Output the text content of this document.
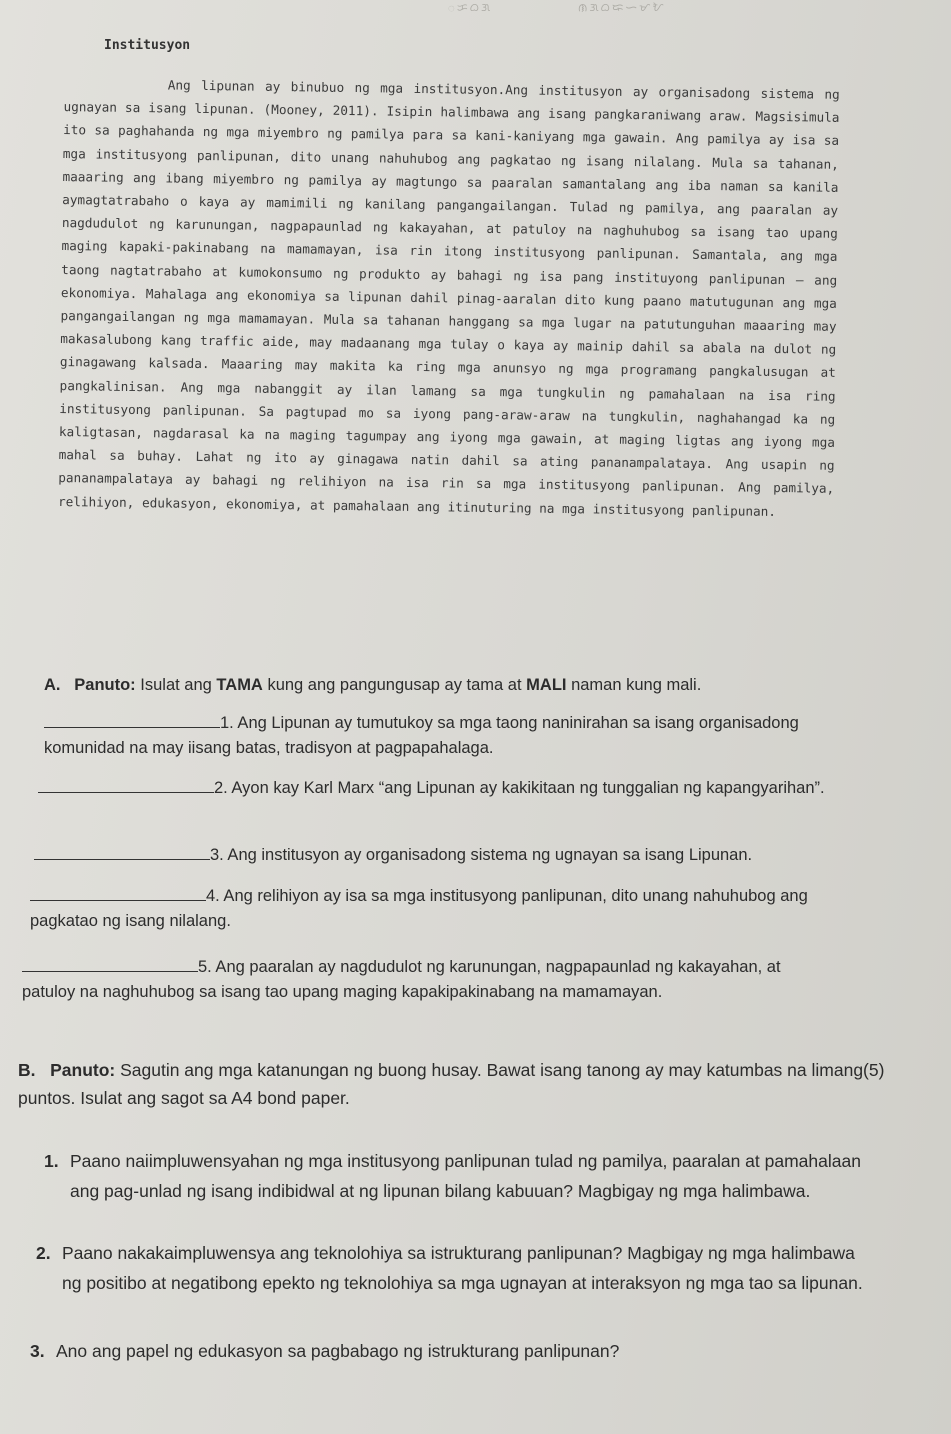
ᜀᜃᜊᜄ	ᜈᜄᜊᜍᜑᜋᜀ
Institusyon

Ang lipunan ay binubuo ng mga institusyon.Ang institusyon ay organisadong sistema ng ugnayan sa isang lipunan. (Mooney, 2011). Isipin halimbawa ang isang pangkaraniwang araw. Magsisimula ito sa paghahanda ng mga miyembro ng pamilya para sa kani-kaniyang mga gawain. Ang pamilya ay isa sa mga institusyong panlipunan, dito unang nahuhubog ang pagkatao ng isang nilalang. Mula sa tahanan, maaaring ang ibang miyembro ng pamilya ay magtungo sa paaralan samantalang ang iba naman sa kanila aymagtatrabaho o kaya ay mamimili ng kanilang pangangailangan. Tulad ng pamilya, ang paaralan ay nagdudulot ng karunungan, nagpapaunlad ng kakayahan, at patuloy na naghuhubog sa isang tao upang maging kapaki-pakinabang na mamamayan, isa rin itong institusyong panlipunan. Samantala, ang mga taong nagtatrabaho at kumokonsumo ng produkto ay bahagi ng isa pang instituyong panlipunan – ang ekonomiya. Mahalaga ang ekonomiya sa lipunan dahil pinag-aaralan dito kung paano matutugunan ang mga pangangailangan ng mga mamamayan. Mula sa tahanan hanggang sa mga lugar na patutunguhan maaaring may makasalubong kang traffic aide, may madaanang mga tulay o kaya ay mainip dahil sa abala na dulot ng ginagawang kalsada. Maaaring may makita ka ring mga anunsyo ng mga programang pangkalusugan at pangkalinisan. Ang mga nabanggit ay ilan lamang sa mga tungkulin ng pamahalaan na isa ring institusyong panlipunan. Sa pagtupad mo sa iyong pang-araw-araw na tungkulin, naghahangad ka ng kaligtasan, nagdarasal ka na maging tagumpay ang iyong mga gawain, at maging ligtas ang iyong mga mahal sa buhay. Lahat ng ito ay ginagawa natin dahil sa ating pananampalataya. Ang usapin ng pananampalataya ay bahagi ng relihiyon na isa rin sa mga institusyong panlipunan. Ang pamilya, relihiyon, edukasyon, ekonomiya, at pamahalaan ang itinuturing na mga institusyong panlipunan.

A. Panuto: Isulat ang TAMA kung ang pangungusap ay tama at MALI naman kung mali.
1. Ang Lipunan ay tumutukoy sa mga taong naninirahan sa isang organisadong komunidad na may iisang batas, tradisyon at pagpapahalaga.
2. Ayon kay Karl Marx “ang Lipunan ay kakikitaan ng tunggalian ng kapangyarihan”.
3. Ang institusyon ay organisadong sistema ng ugnayan sa isang Lipunan.
4. Ang relihiyon ay isa sa mga institusyong panlipunan, dito unang nahuhubog ang pagkatao ng isang nilalang.
5. Ang paaralan ay nagdudulot ng karunungan, nagpapaunlad ng kakayahan, at patuloy na naghuhubog sa isang tao upang maging kapakipakinabang na mamamayan.
B. Panuto: Sagutin ang mga katanungan ng buong husay. Bawat isang tanong ay may katumbas na limang(5) puntos. Isulat ang sagot sa A4 bond paper.
1. Paano naiimpluwensyahan ng mga institusyong panlipunan tulad ng pamilya, paaralan at pamahalaan ang pag-unlad ng isang indibidwal at ng lipunan bilang kabuuan? Magbigay ng mga halimbawa.
2. Paano nakakaimpluwensya ang teknolohiya sa istrukturang panlipunan? Magbigay ng mga halimbawa ng positibo at negatibong epekto ng teknolohiya sa mga ugnayan at interaksyon ng mga tao sa lipunan.
3. Ano ang papel ng edukasyon sa pagbabago ng istrukturang panlipunan?
